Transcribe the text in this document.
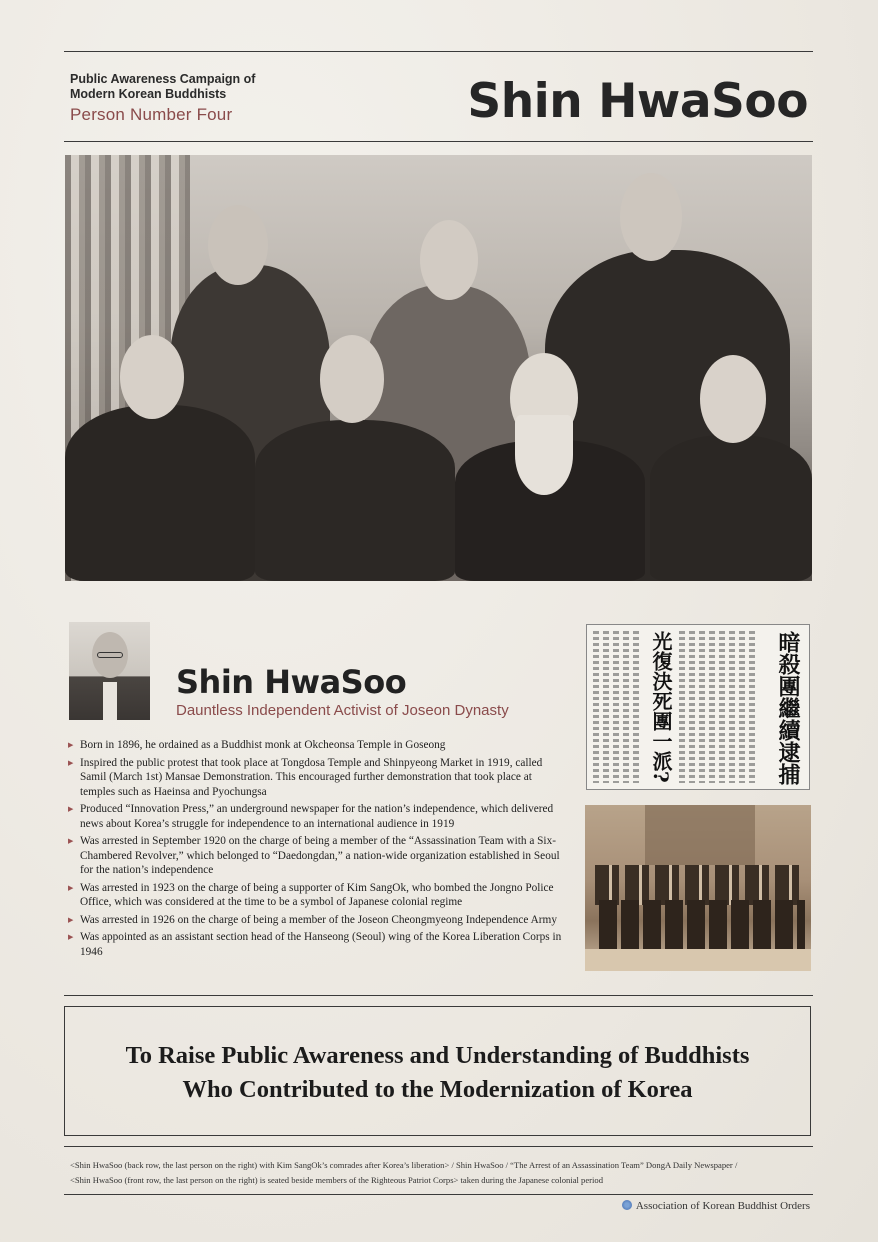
Public Awareness Campaign of
Modern Korean Buddhists
Person Number Four	Shin HwaSoo
Shin HwaSoo
Dauntless Independent Activist of Joseon Dynasty
▶ Born in 1896, he ordained as a Buddhist monk at Okcheonsa Temple in Goseong
▶ Inspired the public protest that took place at Tongdosa Temple and Shinpyeong Market in 1919, called Samil (March 1st) Mansae Demonstration. This encouraged further demonstration that took place at temples such as Haeinsa and Pyochungsa
▶ Produced “Innovation Press,” an underground newspaper for the nation’s independence, which delivered news about Korea’s struggle for independence to an international audience in 1919
▶ Was arrested in September 1920 on the charge of being a member of the “Assassination Team with a Six-Chambered Revolver,” which belonged to “Daedongdan,” a nation-wide organization established in Seoul for the nation’s independence
▶ Was arrested in 1923 on the charge of being a supporter of Kim SangOk, who bombed the Jongno Police Office, which was considered at the time to be a symbol of Japanese colonial regime
▶ Was arrested in 1926 on the charge of being a member of the Joseon Cheongmyeong Independence Army
▶ Was appointed as an assistant section head of the Hanseong (Seoul) wing of the Korea Liberation Corps in 1946
暗殺團繼續逮捕
光復決死團一派?
To Raise Public Awareness and Understanding of Buddhists
Who Contributed to the Modernization of Korea
<Shin HwaSoo (back row, the last person on the right) with Kim SangOk’s comrades after Korea’s liberation> / Shin HwaSoo / “The Arrest of an Assassination Team” DongA Daily Newspaper /
<Shin HwaSoo (front row, the last person on the right) is seated beside members of the Righteous Patriot Corps> taken during the Japanese colonial period
Association of Korean Buddhist Orders
